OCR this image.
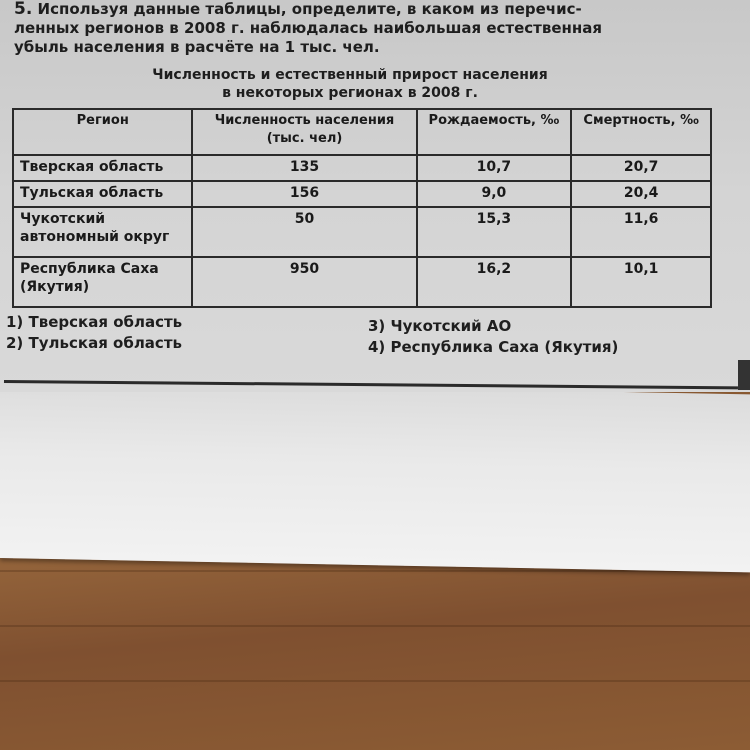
5. Используя данные таблицы, определите, в каком из перечис-
ленных регионов в 2008 г. наблюдалась наибольшая естественная
убыль населения в расчёте на 1 тыс. чел.
Численность и естественный прирост населения
в некоторых регионах в 2008 г.
Регион	Численность населения (тыс. чел)	Рождаемость, ‰	Смертность, ‰
Тверская область	135	10,7	20,7
Тульская область	156	9,0	20,4
Чукотский автономный округ	50	15,3	11,6
Республика Саха (Якутия)	950	16,2	10,1
1) Тверская область
2) Тульская область
3) Чукотский АО
4) Республика Саха (Якутия)
